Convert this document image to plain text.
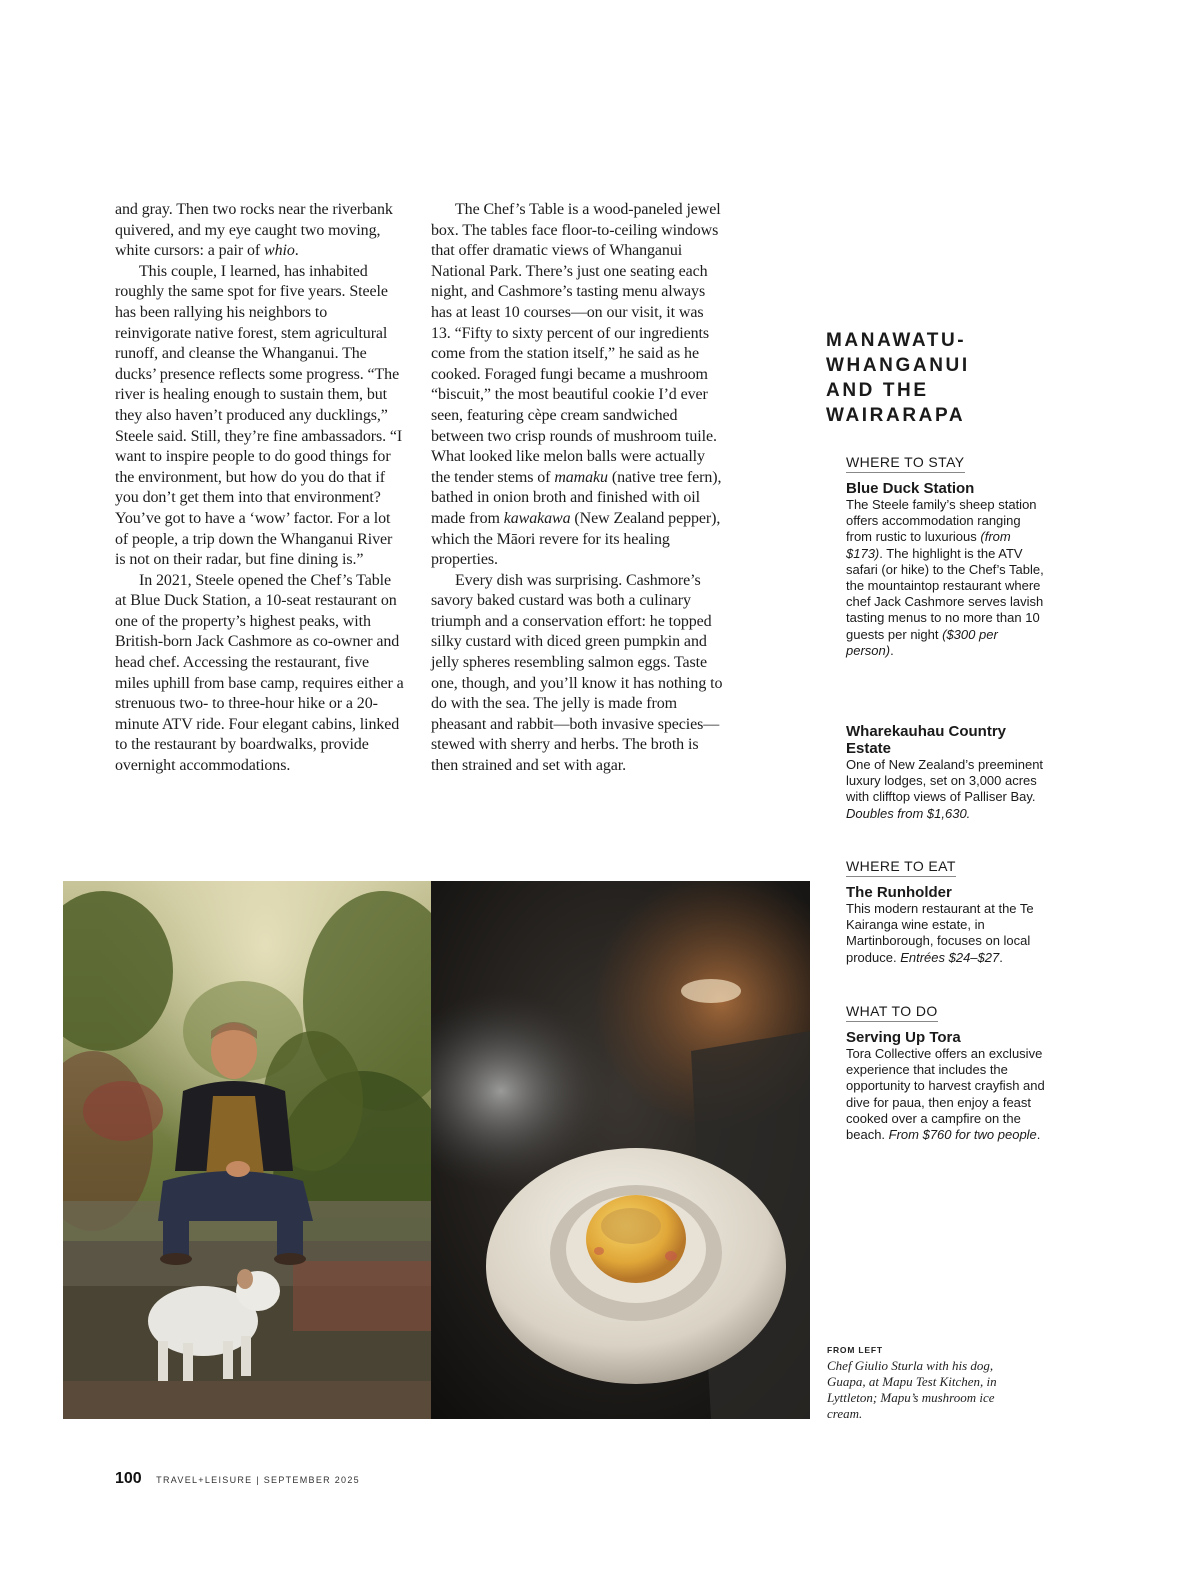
and gray. Then two rocks near the riverbank quivered, and my eye caught two moving, white cursors: a pair of whio.

This couple, I learned, has inhabited roughly the same spot for five years. Steele has been rallying his neighbors to reinvigorate native forest, stem agricultural runoff, and cleanse the Whanganui. The ducks’ presence reflects some progress. “The river is healing enough to sustain them, but they also haven’t produced any ducklings,” Steele said. Still, they’re fine ambassadors. “I want to inspire people to do good things for the environment, but how do you do that if you don’t get them into that environment? You’ve got to have a ‘wow’ factor. For a lot of people, a trip down the Whanganui River is not on their radar, but fine dining is.”

In 2021, Steele opened the Chef’s Table at Blue Duck Station, a 10-seat restaurant on one of the property’s highest peaks, with British-born Jack Cashmore as co-owner and head chef. Accessing the restaurant, five miles uphill from base camp, requires either a strenuous two- to three-hour hike or a 20-minute ATV ride. Four elegant cabins, linked to the restaurant by boardwalks, provide overnight accommodations.

The Chef’s Table is a wood-paneled jewel box. The tables face floor-to-ceiling windows that offer dramatic views of Whanganui National Park. There’s just one seating each night, and Cashmore’s tasting menu always has at least 10 courses—on our visit, it was 13. “Fifty to sixty percent of our ingredients come from the station itself,” he said as he cooked. Foraged fungi became a mushroom “biscuit,” the most beautiful cookie I’d ever seen, featuring cèpe cream sandwiched between two crisp rounds of mushroom tuile. What looked like melon balls were actually the tender stems of mamaku (native tree fern), bathed in onion broth and finished with oil made from kawakawa (New Zealand pepper), which the Māori revere for its healing properties.

Every dish was surprising. Cashmore’s savory baked custard was both a culinary triumph and a conservation effort: he topped silky custard with diced green pumpkin and jelly spheres resembling salmon eggs. Taste one, though, and you’ll know it has nothing to do with the sea. The jelly is made from pheasant and rabbit—both invasive species—stewed with sherry and herbs. The broth is then strained and set with agar.

MANAWATU-
WHANGANUI
AND THE
WAIRARAPA
WHERE TO STAY
Blue Duck Station
The Steele family’s sheep station offers accommodation ranging from rustic to luxurious (from $173). The highlight is the ATV safari (or hike) to the Chef’s Table, the mountaintop restaurant where chef Jack Cashmore serves lavish tasting menus to no more than 10 guests per night ($300 per person).
Wharekauhau Country Estate
One of New Zealand’s preeminent luxury lodges, set on 3,000 acres with clifftop views of Palliser Bay. Doubles from $1,630.
WHERE TO EAT
The Runholder
This modern restaurant at the Te Kairanga wine estate, in Martinborough, focuses on local produce. Entrées $24–$27.
WHAT TO DO
Serving Up Tora
Tora Collective offers an exclusive experience that includes the opportunity to harvest crayfish and dive for paua, then enjoy a feast cooked over a campfire on the beach. From $760 for two people.
FROM LEFT
Chef Giulio Sturla with his dog, Guapa, at Mapu Test Kitchen, in Lyttleton; Mapu’s mushroom ice cream.
100 TRAVEL+LEISURE | SEPTEMBER 2025
